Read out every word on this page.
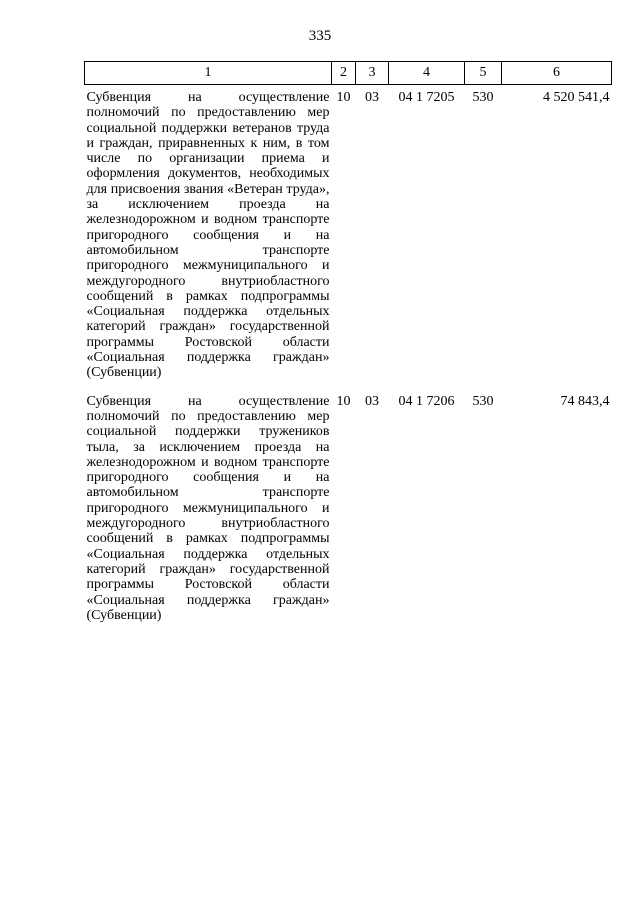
335
1	2	3	4	5	6
Субвенция на осуществление полномочий по предоставлению мер социальной поддержки ветеранов труда и граждан, приравненных к ним, в том числе по организации приема и оформления документов, необходимых для присвоения звания «Ветеран труда», за исключением проезда на железнодорожном и водном транспорте пригородного сообщения и на автомобильном транспорте пригородного межмуниципального и междугородного внутриобластного сообщений в рамках подпрограммы «Социальная поддержка отдельных категорий граждан» государственной программы Ростовской области «Социальная поддержка граждан» (Субвенции)	10	03	04 1 7205	530	4 520 541,4
Субвенция на осуществление полномочий по предоставлению мер социальной поддержки тружеников тыла, за исключением проезда на железнодорожном и водном транспорте пригородного сообщения и на автомобильном транспорте пригородного межмуниципального и междугородного внутриобластного сообщений в рамках подпрограммы «Социальная поддержка отдельных категорий граждан» государственной программы Ростовской области «Социальная поддержка граждан» (Субвенции)	10	03	04 1 7206	530	74 843,4
